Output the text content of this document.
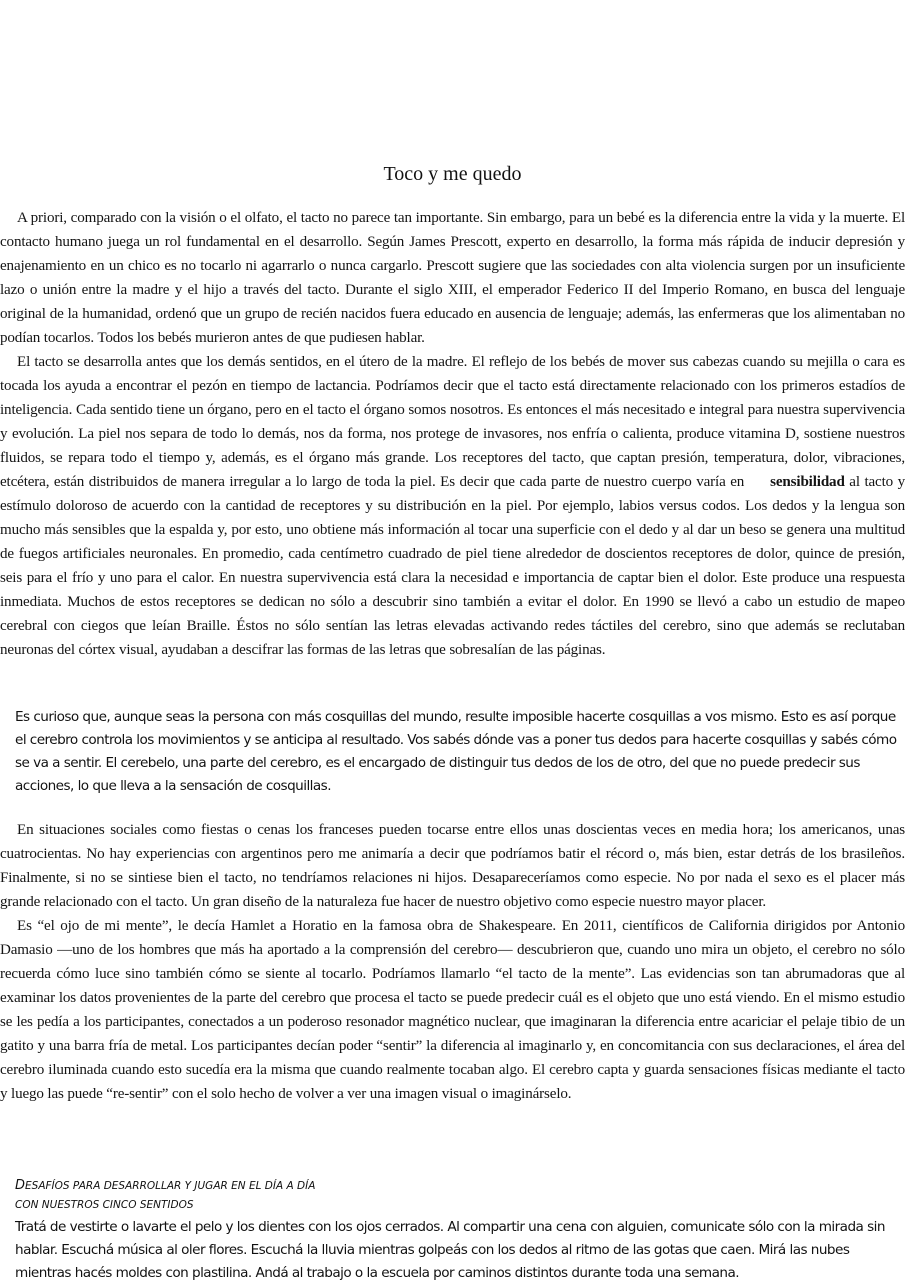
Toco y me quedo

A priori, comparado con la visión o el olfato, el tacto no parece tan importante. Sin embargo, para un bebé es la diferencia entre la vida y la muerte. El contacto humano juega un rol fundamental en el desarrollo. Según James Prescott, experto en desarrollo, la forma más rápida de inducir depresión y enajenamiento en un chico es no tocarlo ni agarrarlo o nunca cargarlo. Prescott sugiere que las sociedades con alta violencia surgen por un insuficiente lazo o unión entre la madre y el hijo a través del tacto. Durante el siglo XIII, el emperador Federico II del Imperio Romano, en busca del lenguaje original de la humanidad, ordenó que un grupo de recién nacidos fuera educado en ausencia de lenguaje; además, las enfermeras que los alimentaban no podían tocarlos. Todos los bebés murieron antes de que pudiesen hablar.

El tacto se desarrolla antes que los demás sentidos, en el útero de la madre. El reflejo de los bebés de mover sus cabezas cuando su mejilla o cara es tocada los ayuda a encontrar el pezón en tiempo de lactancia. Podríamos decir que el tacto está directamente relacionado con los primeros estadíos de inteligencia. Cada sentido tiene un órgano, pero en el tacto el órgano somos nosotros. Es entonces el más necesitado e integral para nuestra supervivencia y evolución. La piel nos separa de todo lo demás, nos da forma, nos protege de invasores, nos enfría o calienta, produce vitamina D, sostiene nuestros fluidos, se repara todo el tiempo y, además, es el órgano más grande. Los receptores del tacto, que captan presión, temperatura, dolor, vibraciones, etcétera, están distribuidos de manera irregular a lo largo de toda la piel. Es decir que cada parte de nuestro cuerpo varía en sensibilidad al tacto y estímulo doloroso de acuerdo con la cantidad de receptores y su distribución en la piel. Por ejemplo, labios versus codos. Los dedos y la lengua son mucho más sensibles que la espalda y, por esto, uno obtiene más información al tocar una superficie con el dedo y al dar un beso se genera una multitud de fuegos artificiales neuronales. En promedio, cada centímetro cuadrado de piel tiene alrededor de doscientos receptores de dolor, quince de presión, seis para el frío y uno para el calor. En nuestra supervivencia está clara la necesidad e importancia de captar bien el dolor. Este produce una respuesta inmediata. Muchos de estos receptores se dedican no sólo a descubrir sino también a evitar el dolor. En 1990 se llevó a cabo un estudio de mapeo cerebral con ciegos que leían Braille. Éstos no sólo sentían las letras elevadas activando redes táctiles del cerebro, sino que además se reclutaban neuronas del córtex visual, ayudaban a descifrar las formas de las letras que sobresalían de las páginas.

Es curioso que, aunque seas la persona con más cosquillas del mundo, resulte imposible hacerte cosquillas a vos mismo. Esto es así porque el cerebro controla los movimientos y se anticipa al resultado. Vos sabés dónde vas a poner tus dedos para hacerte cosquillas y sabés cómo se va a sentir. El cerebelo, una parte del cerebro, es el encargado de distinguir tus dedos de los de otro, del que no puede predecir sus acciones, lo que lleva a la sensación de cosquillas.

En situaciones sociales como fiestas o cenas los franceses pueden tocarse entre ellos unas doscientas veces en media hora; los americanos, unas cuatrocientas. No hay experiencias con argentinos pero me animaría a decir que podríamos batir el récord o, más bien, estar detrás de los brasileños. Finalmente, si no se sintiese bien el tacto, no tendríamos relaciones ni hijos. Desapareceríamos como especie. No por nada el sexo es el placer más grande relacionado con el tacto. Un gran diseño de la naturaleza fue hacer de nuestro objetivo como especie nuestro mayor placer.

Es “el ojo de mi mente”, le decía Hamlet a Horatio en la famosa obra de Shakespeare. En 2011, científicos de California dirigidos por Antonio Damasio —uno de los hombres que más ha aportado a la comprensión del cerebro— descubrieron que, cuando uno mira un objeto, el cerebro no sólo recuerda cómo luce sino también cómo se siente al tocarlo. Podríamos llamarlo “el tacto de la mente”. Las evidencias son tan abrumadoras que al examinar los datos provenientes de la parte del cerebro que procesa el tacto se puede predecir cuál es el objeto que uno está viendo. En el mismo estudio se les pedía a los participantes, conectados a un poderoso resonador magnético nuclear, que imaginaran la diferencia entre acariciar el pelaje tibio de un gatito y una barra fría de metal. Los participantes decían poder “sentir” la diferencia al imaginarlo y, en concomitancia con sus declaraciones, el área del cerebro iluminada cuando esto sucedía era la misma que cuando realmente tocaban algo. El cerebro capta y guarda sensaciones físicas mediante el tacto y luego las puede “re-sentir” con el solo hecho de volver a ver una imagen visual o imaginárselo.

DESAFÍOS PARA DESARROLLAR Y JUGAR EN EL DÍA A DÍA
CON NUESTROS CINCO SENTIDOS
Tratá de vestirte o lavarte el pelo y los dientes con los ojos cerrados. Al compartir una cena con alguien, comunicate sólo con la mirada sin hablar. Escuchá música al oler flores. Escuchá la lluvia mientras golpeás con los dedos al ritmo de las gotas que caen. Mirá las nubes mientras hacés moldes con plastilina. Andá al trabajo o la escuela por caminos distintos durante toda una semana.
